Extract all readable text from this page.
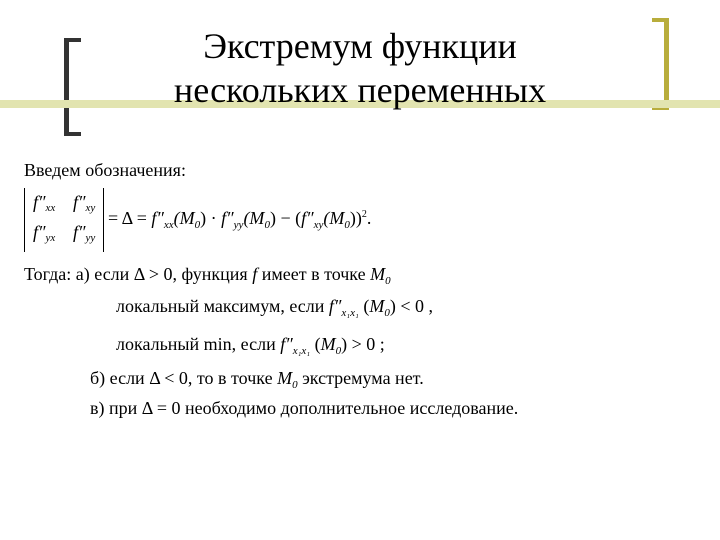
Экстремум функции
нескольких переменных
Введем обозначения:
f″xx f″xy
f″yx f″yy
= $\Delta = f''_{xx}(M_0) \cdot f''_{yy}(M_0) - (f''_{xy}(M_0))^2$.
Тогда: а) если Δ > 0, функция f имеет в точке $M_0$
локальный максимум, если $f''_{x_1x_1}$ $(M_0) < 0$ ,
локальный min, если $f''_{x_1x_1}$ $(M_0) > 0$ ;
б) если Δ < 0, то в точке $M_0$ экстремума нет.
в) при Δ = 0 необходимо дополнительное исследование.
